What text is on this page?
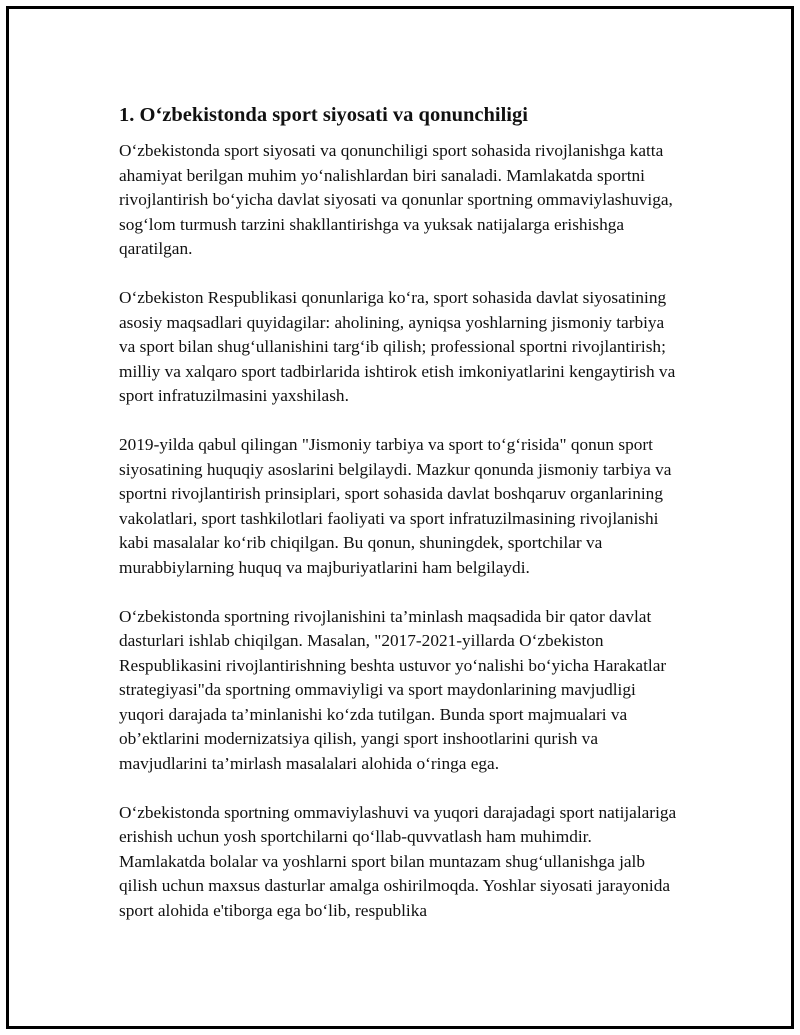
1. O‘zbekistonda sport siyosati va qonunchiligi

O‘zbekistonda sport siyosati va qonunchiligi sport sohasida rivojlanishga katta ahamiyat berilgan muhim yo‘nalishlardan biri sanaladi. Mamlakatda sportni rivojlantirish bo‘yicha davlat siyosati va qonunlar sportning ommaviylashuviga, sog‘lom turmush tarzini shakllantirishga va yuksak natijalarga erishishga qaratilgan.

O‘zbekiston Respublikasi qonunlariga ko‘ra, sport sohasida davlat siyosatining asosiy maqsadlari quyidagilar: aholining, ayniqsa yoshlarning jismoniy tarbiya va sport bilan shug‘ullanishini targ‘ib qilish; professional sportni rivojlantirish; milliy va xalqaro sport tadbirlarida ishtirok etish imkoniyatlarini kengaytirish va sport infratuzilmasini yaxshilash.

2019-yilda qabul qilingan "Jismoniy tarbiya va sport to‘g‘risida" qonun sport siyosatining huquqiy asoslarini belgilaydi. Mazkur qonunda jismoniy tarbiya va sportni rivojlantirish prinsiplari, sport sohasida davlat boshqaruv organlarining vakolatlari, sport tashkilotlari faoliyati va sport infratuzilmasining rivojlanishi kabi masalalar ko‘rib chiqilgan. Bu qonun, shuningdek, sportchilar va murabbiylarning huquq va majburiyatlarini ham belgilaydi.

O‘zbekistonda sportning rivojlanishini ta’minlash maqsadida bir qator davlat dasturlari ishlab chiqilgan. Masalan, "2017-2021-yillarda O‘zbekiston Respublikasini rivojlantirishning beshta ustuvor yo‘nalishi bo‘yicha Harakatlar strategiyasi"da sportning ommaviyligi va sport maydonlarining mavjudligi yuqori darajada ta’minlanishi ko‘zda tutilgan. Bunda sport majmualari va ob’ektlarini modernizatsiya qilish, yangi sport inshootlarini qurish va mavjudlarini ta’mirlash masalalari alohida o‘ringa ega.

O‘zbekistonda sportning ommaviylashuvi va yuqori darajadagi sport natijalariga erishish uchun yosh sportchilarni qo‘llab-quvvatlash ham muhimdir. Mamlakatda bolalar va yoshlarni sport bilan muntazam shug‘ullanishga jalb qilish uchun maxsus dasturlar amalga oshirilmoqda. Yoshlar siyosati jarayonida sport alohida e'tiborga ega bo‘lib, respublika
